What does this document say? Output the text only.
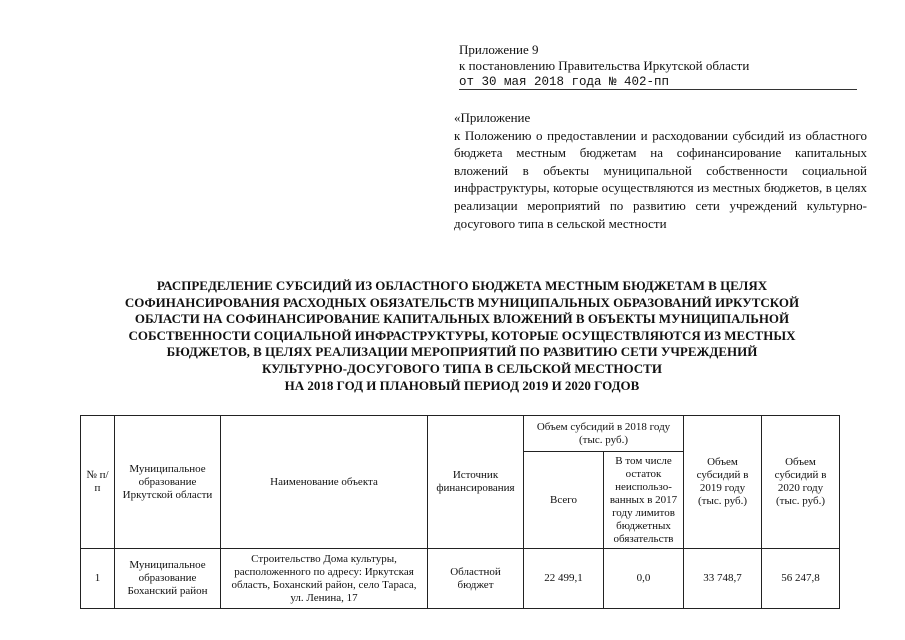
Приложение 9
к постановлению Правительства Иркутской области
от 30 мая 2018 года № 402-пп
«Приложение
к Положению о предоставлении и расходовании субсидий из областного бюджета местным бюджетам на софинансирование капитальных вложений в объекты муниципальной собственности социальной инфраструктуры, которые осуществляются из местных бюджетов, в целях реализации мероприятий по развитию сети учреждений культурно-досугового типа в сельской местности
РАСПРЕДЕЛЕНИЕ СУБСИДИЙ ИЗ ОБЛАСТНОГО БЮДЖЕТА МЕСТНЫМ БЮДЖЕТАМ В ЦЕЛЯХ
СОФИНАНСИРОВАНИЯ РАСХОДНЫХ ОБЯЗАТЕЛЬСТВ МУНИЦИПАЛЬНЫХ ОБРАЗОВАНИЙ ИРКУТСКОЙ
ОБЛАСТИ НА СОФИНАНСИРОВАНИЕ КАПИТАЛЬНЫХ ВЛОЖЕНИЙ В ОБЪЕКТЫ МУНИЦИПАЛЬНОЙ
СОБСТВЕННОСТИ СОЦИАЛЬНОЙ ИНФРАСТРУКТУРЫ, КОТОРЫЕ ОСУЩЕСТВЛЯЮТСЯ ИЗ МЕСТНЫХ
БЮДЖЕТОВ, В ЦЕЛЯХ РЕАЛИЗАЦИИ МЕРОПРИЯТИЙ ПО РАЗВИТИЮ СЕТИ УЧРЕЖДЕНИЙ
КУЛЬТУРНО-ДОСУГОВОГО ТИПА В СЕЛЬСКОЙ МЕСТНОСТИ
НА 2018 ГОД И ПЛАНОВЫЙ ПЕРИОД 2019 И 2020 ГОДОВ
№ п/п	Муниципальное образование Иркутской области	Наименование объекта	Источник финансирования	Объем субсидий в 2018 году (тыс. руб.)		Объем субсидий в 2019 году (тыс. руб.)	Объем субсидий в 2020 году (тыс. руб.)
				Всего	В том числе остаток неиспользованных в 2017 году лимитов бюджетных обязательств		
1	Муниципальное образование Боханский район	Строительство Дома культуры, расположенного по адресу: Иркутская область, Боханский район, село Тараса, ул. Ленина, 17	Областной бюджет	22 499,1	0,0	33 748,7	56 247,8
